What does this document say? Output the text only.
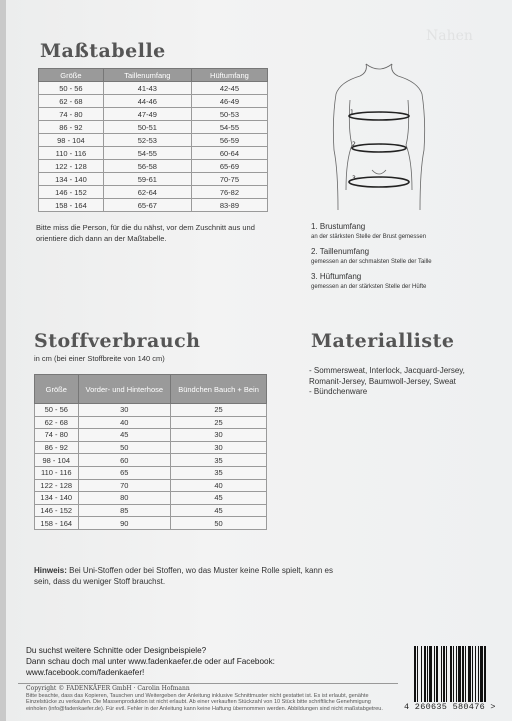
Nahen
Maßtabelle
Größe	Taillenumfang	Hüftumfang
50 - 56	41-43	42-45
62 - 68	44-46	46-49
74 - 80	47-49	50-53
86 - 92	50-51	54-55
98 - 104	52-53	56-59
110 - 116	54-55	60-64
122 - 128	56-58	65-69
134 - 140	59-61	70-75
146 - 152	62-64	76-82
158 - 164	65-67	83-89
Bitte miss die Person, für die du nähst, vor dem Zuschnitt aus und orientiere dich dann an der Maßtabelle.
1
2
3
1. Brustumfang
an der stärksten Stelle der Brust gemessen
2. Taillenumfang
gemessen an der schmalsten Stelle der Taille
3. Hüftumfang
gemessen an der stärksten Stelle der Hüfte
Stoffverbrauch
in cm (bei einer Stoffbreite von 140 cm)
Größe	Vorder- und Hinterhose	Bündchen Bauch + Bein
50 - 56	30	25
62 - 68	40	25
74 - 80	45	30
86 - 92	50	30
98 - 104	60	35
110 - 116	65	35
122 - 128	70	40
134 - 140	80	45
146 - 152	85	45
158 - 164	90	50
Materialliste
- Sommersweat, Interlock, Jacquard-Jersey,
Romanit-Jersey, Baumwoll-Jersey, Sweat
- Bündchenware
Hinweis: Bei Uni-Stoffen oder bei Stoffen, wo das Muster keine Rolle spielt, kann es sein, dass du weniger Stoff brauchst.
Du suchst weitere Schnitte oder Designbeispiele?
Dann schau doch mal unter www.fadenkaefer.de oder auf Facebook:
www.facebook.com/fadenkaefer!
Copyright © FADENKÄFER GmbH · Carolin Hofmann
Bitte beachte, dass das Kopieren, Tauschen und Weitergeben der Anleitung inklusive Schnittmuster nicht gestattet ist. Es ist erlaubt, genähte Einzelstücke zu verkaufen. Die Massenproduktion ist nicht erlaubt. Ab einer verkauften Stückzahl von 10 Stück bitte schriftliche Genehmigung einholen (info@fadenkaefer.de). Für evtl. Fehler in der Anleitung kann keine Haftung übernommen werden. Abbildungen sind nicht maßstabgetreu.	4 260635 580476 >
